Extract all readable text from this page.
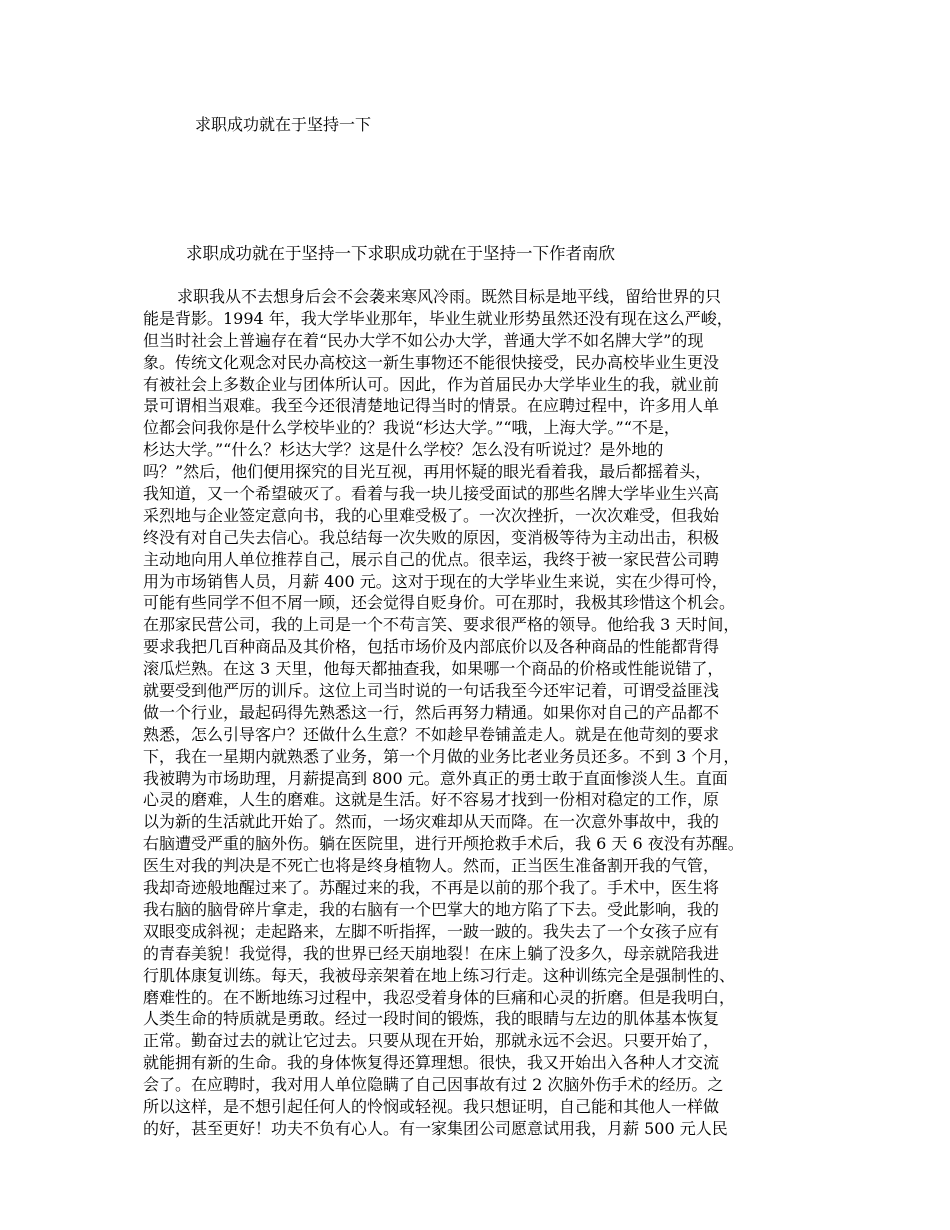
求职成功就在于坚持一下
求职成功就在于坚持一下求职成功就在于坚持一下作者南欣
求职我从不去想身后会不会袭来寒风冷雨。既然目标是地平线，留给世界的只
能是背影。1994 年，我大学毕业那年，毕业生就业形势虽然还没有现在这么严峻，
但当时社会上普遍存在着“民办大学不如公办大学，普通大学不如名牌大学”的现
象。传统文化观念对民办高校这一新生事物还不能很快接受，民办高校毕业生更没
有被社会上多数企业与团体所认可。因此，作为首届民办大学毕业生的我，就业前
景可谓相当艰难。我至今还很清楚地记得当时的情景。在应聘过程中，许多用人单
位都会问我你是什么学校毕业的？我说“杉达大学。”“哦，上海大学。”“不是，
杉达大学。”“什么？杉达大学？这是什么学校？怎么没有听说过？是外地的
吗？”然后，他们便用探究的目光互视，再用怀疑的眼光看着我，最后都摇着头，
我知道，又一个希望破灭了。看着与我一块儿接受面试的那些名牌大学毕业生兴高
采烈地与企业签定意向书，我的心里难受极了。一次次挫折，一次次难受，但我始
终没有对自己失去信心。我总结每一次失败的原因，变消极等待为主动出击，积极
主动地向用人单位推荐自己，展示自己的优点。很幸运，我终于被一家民营公司聘
用为市场销售人员，月薪 400 元。这对于现在的大学毕业生来说，实在少得可怜，
可能有些同学不但不屑一顾，还会觉得自贬身价。可在那时，我极其珍惜这个机会。
在那家民营公司，我的上司是一个不苟言笑、要求很严格的领导。他给我 3 天时间，
要求我把几百种商品及其价格，包括市场价及内部底价以及各种商品的性能都背得
滚瓜烂熟。在这 3 天里，他每天都抽查我，如果哪一个商品的价格或性能说错了，
就要受到他严厉的训斥。这位上司当时说的一句话我至今还牢记着，可谓受益匪浅
做一个行业，最起码得先熟悉这一行，然后再努力精通。如果你对自己的产品都不
熟悉，怎么引导客户？还做什么生意？不如趁早卷铺盖走人。就是在他苛刻的要求
下，我在一星期内就熟悉了业务，第一个月做的业务比老业务员还多。不到 3 个月，
我被聘为市场助理，月薪提高到 800 元。意外真正的勇士敢于直面惨淡人生。直面
心灵的磨难，人生的磨难。这就是生活。好不容易才找到一份相对稳定的工作，原
以为新的生活就此开始了。然而，一场灾难却从天而降。在一次意外事故中，我的
右脑遭受严重的脑外伤。躺在医院里，进行开颅抢救手术后，我 6 天 6 夜没有苏醒。
医生对我的判决是不死亡也将是终身植物人。然而，正当医生准备割开我的气管，
我却奇迹般地醒过来了。苏醒过来的我，不再是以前的那个我了。手术中，医生将
我右脑的脑骨碎片拿走，我的右脑有一个巴掌大的地方陷了下去。受此影响，我的
双眼变成斜视；走起路来，左脚不听指挥，一跛一跛的。我失去了一个女孩子应有
的青春美貌！我觉得，我的世界已经天崩地裂！在床上躺了没多久，母亲就陪我进
行肌体康复训练。每天，我被母亲架着在地上练习行走。这种训练完全是强制性的、
磨难性的。在不断地练习过程中，我忍受着身体的巨痛和心灵的折磨。但是我明白，
人类生命的特质就是勇敢。经过一段时间的锻炼，我的眼睛与左边的肌体基本恢复
正常。勤奋过去的就让它过去。只要从现在开始，那就永远不会迟。只要开始了，
就能拥有新的生命。我的身体恢复得还算理想。很快，我又开始出入各种人才交流
会了。在应聘时，我对用人单位隐瞒了自己因事故有过 2 次脑外伤手术的经历。之
所以这样，是不想引起任何人的怜悯或轻视。我只想证明，自己能和其他人一样做
的好，甚至更好！功夫不负有心人。有一家集团公司愿意试用我，月薪 500 元人民
